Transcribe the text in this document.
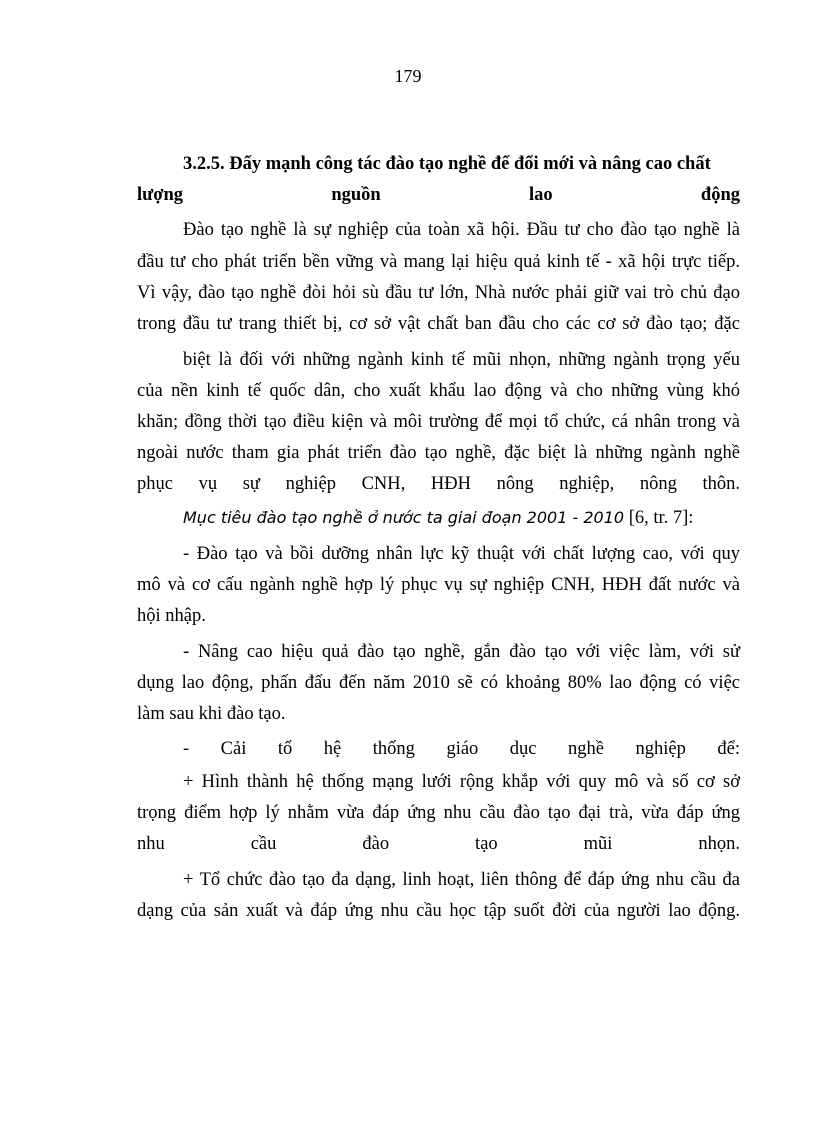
179
3.2.5. Đẩy mạnh công tác đào tạo nghề để đổi mới và nâng cao chất
lượng nguồn lao động
Đào tạo nghề là sự nghiệp của toàn xã hội. Đầu tư cho đào tạo nghề là
đầu tư cho phát triển bền vững và mang lại hiệu quả kinh tế - xã hội trực tiếp.
Vì vậy, đào tạo nghề đòi hỏi sù đầu tư lớn, Nhà nước phải giữ vai trò chủ đạo
trong đầu tư trang thiết bị, cơ sở vật chất ban đầu cho các cơ sở đào tạo; đặc
biệt là đối với những ngành kinh tế mũi nhọn, những ngành trọng yếu
của nền kinh tế quốc dân, cho xuất khẩu lao động và cho những vùng khó
khăn; đồng thời tạo điều kiện và môi trường để mọi tổ chức, cá nhân trong và
ngoài nước tham gia phát triển đào tạo nghề, đặc biệt là những ngành nghề
phục vụ sự nghiệp CNH, HĐH nông nghiệp, nông thôn.
Mục tiêu đào tạo nghề ở nước ta giai đoạn 2001 - 2010 [6, tr. 7]:
- Đào tạo và bồi dưỡng nhân lực kỹ thuật với chất lượng cao, với quy
mô và cơ cấu ngành nghề hợp lý phục vụ sự nghiệp CNH, HĐH đất nước và
hội nhập.
- Nâng cao hiệu quả đào tạo nghề, gắn đào tạo với việc làm, với sử
dụng lao động, phấn đấu đến năm 2010 sẽ có khoảng 80% lao động có việc
làm sau khi đào tạo.
- Cải tổ hệ thống giáo dục nghề nghiệp để:
+ Hình thành hệ thống mạng lưới rộng khắp với quy mô và số cơ sở
trọng điểm hợp lý nhằm vừa đáp ứng nhu cầu đào tạo đại trà, vừa đáp ứng
nhu cầu đào tạo mũi nhọn.
+ Tổ chức đào tạo đa dạng, linh hoạt, liên thông để đáp ứng nhu cầu đa
dạng của sản xuất và đáp ứng nhu cầu học tập suốt đời của người lao động.
